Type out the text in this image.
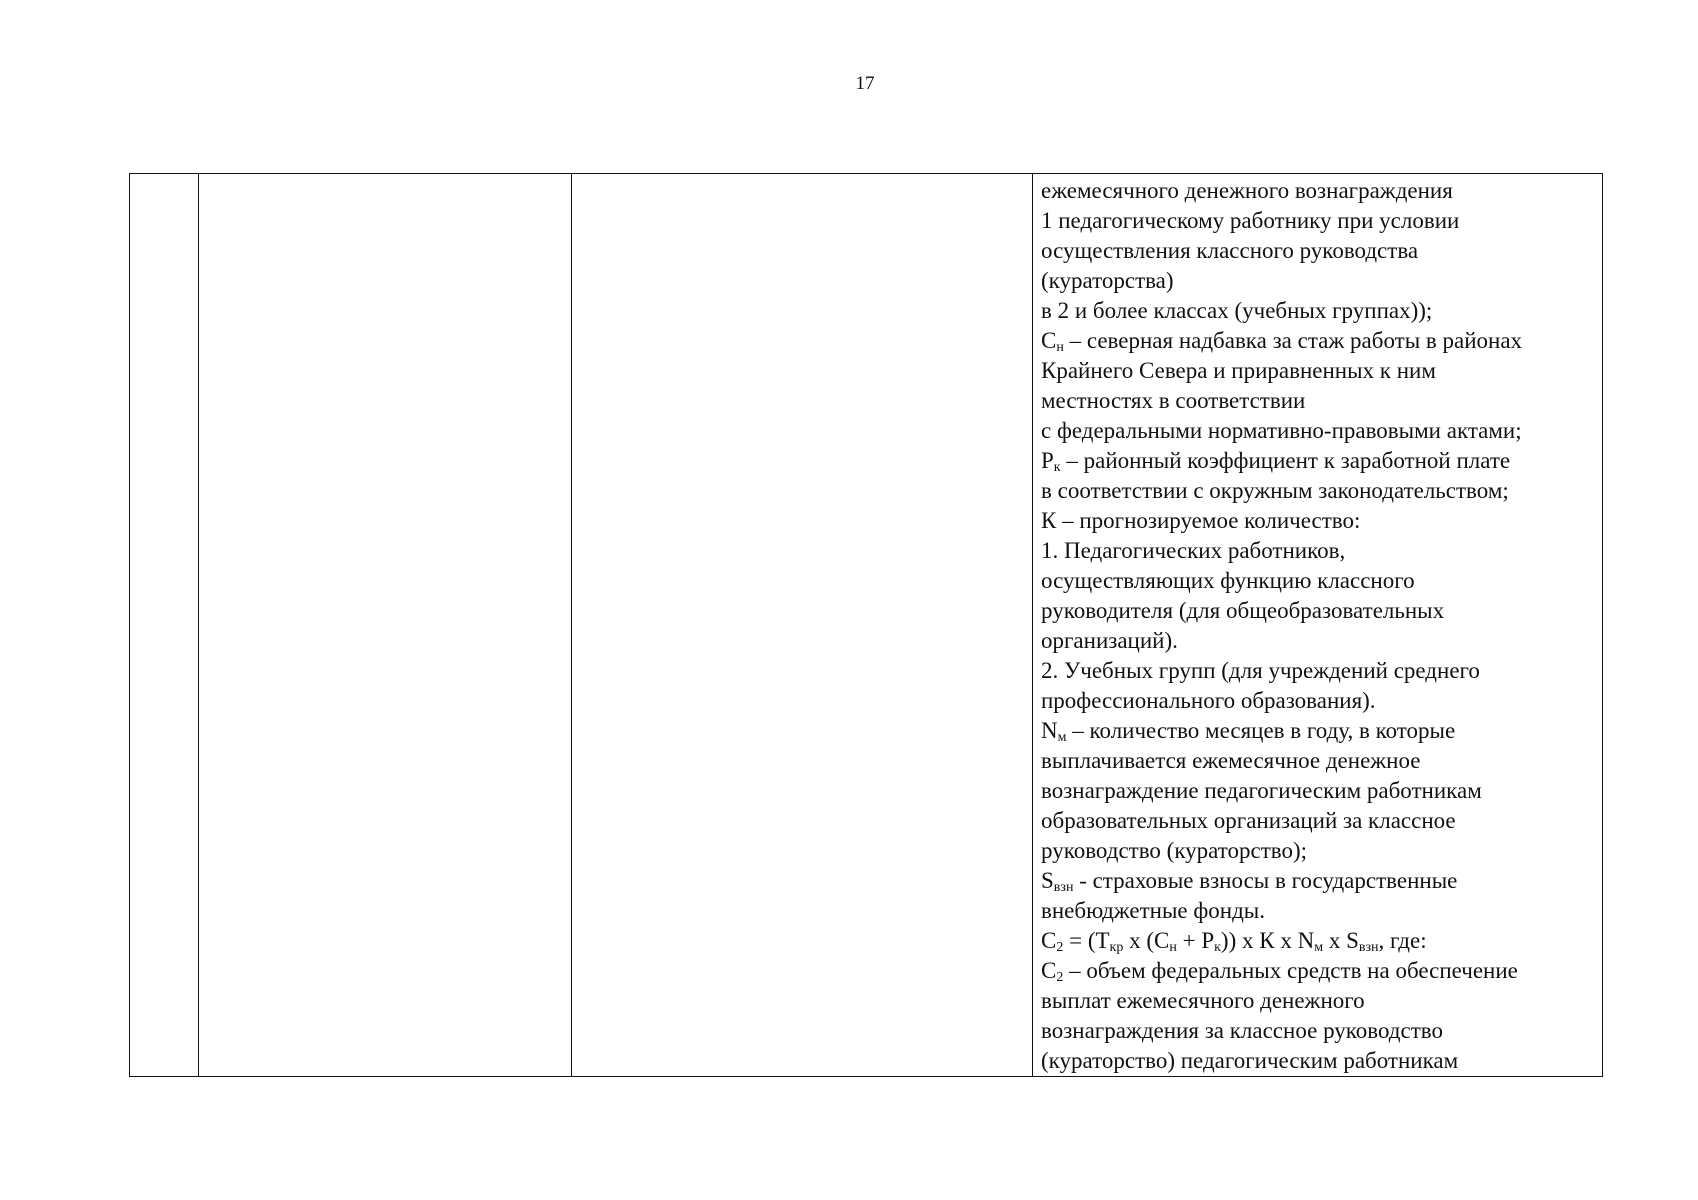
17
ежемесячного денежного вознаграждения
1 педагогическому работнику при условии
осуществления классного руководства
(кураторства)
в 2 и более классах (учебных группах));
$С_н$ – северная надбавка за стаж работы в районах
Крайнего Севера и приравненных к ним
местностях в соответствии
с федеральными нормативно-правовыми актами;
$Р_к$ – районный коэффициент к заработной плате
в соответствии с окружным законодательством;
К – прогнозируемое количество:
1. Педагогических работников,
осуществляющих функцию классного
руководителя (для общеобразовательных
организаций).
2. Учебных групп (для учреждений среднего
профессионального образования).
$N_м$ – количество месяцев в году, в которые
выплачивается ежемесячное денежное
вознаграждение педагогическим работникам
образовательных организаций за классное
руководство (кураторство);
$S_{взн}$ - страховые взносы в государственные
внебюджетные фонды.
$С_2 = (Т_{кр}$ х $(С_н + Р_к)$) х К х $N_м$ х $S_{взн}$, где:
$С_2$ – объем федеральных средств на обеспечение
выплат ежемесячного денежного
вознаграждения за классное руководство
(кураторство) педагогическим работникам
